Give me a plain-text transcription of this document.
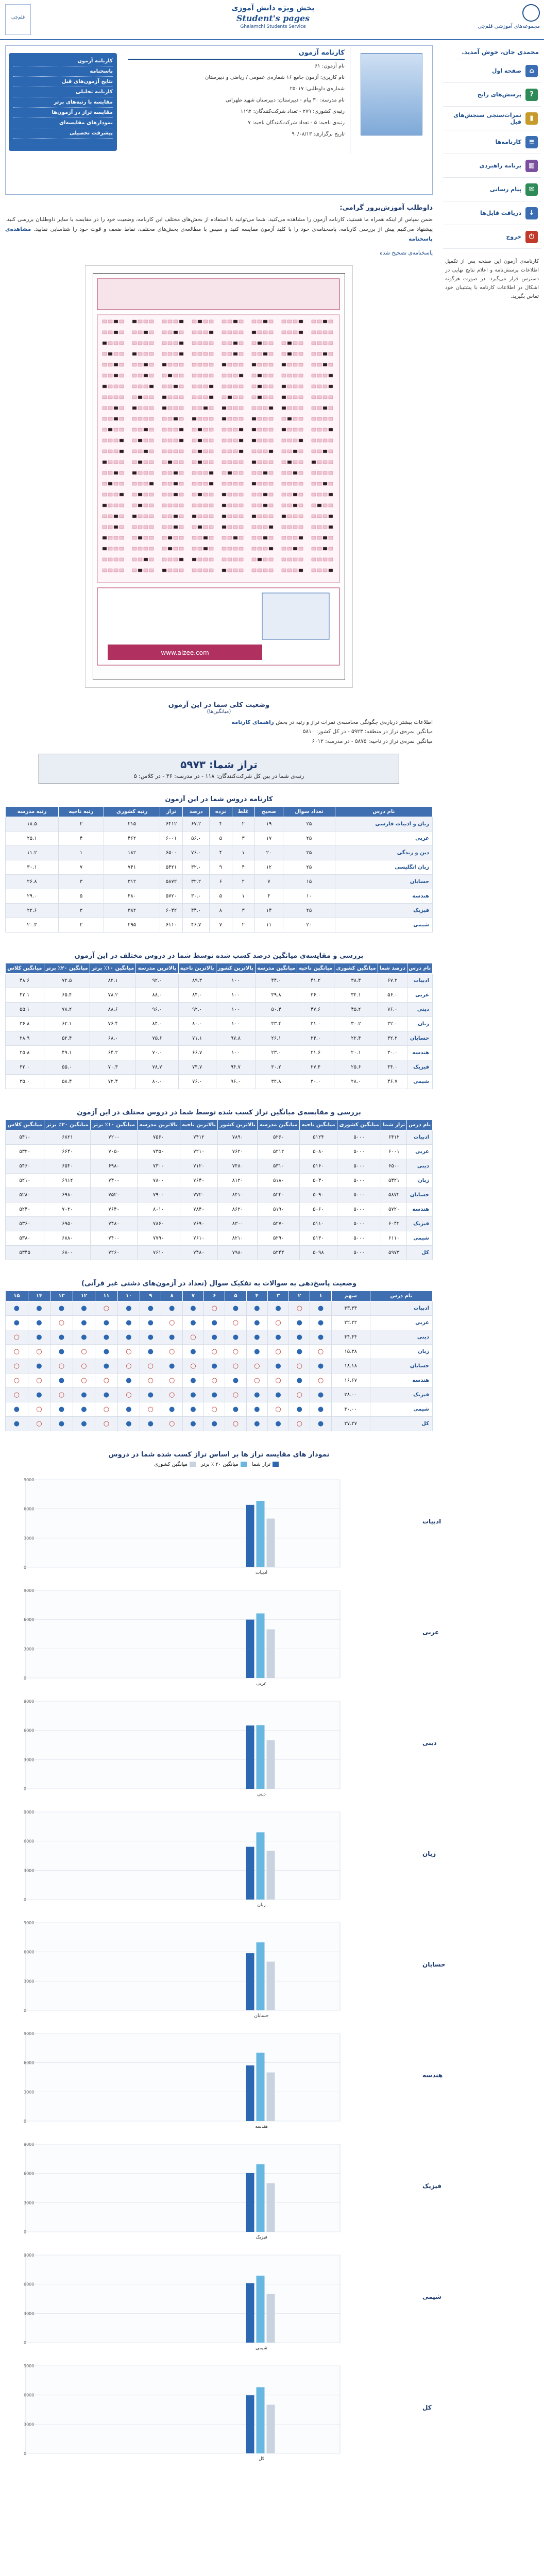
مجموعه‌های آموزشی قلم‌چی
بخش ویژه دانش آموزی
Student's pages
Ghalamchi Students Service
قلم‌چی
محمدی جان، خوش آمدید.
⌂
صفحه اول
?
پرسش‌های رایج
▮
نمرات‌سنجی سنجش‌های قبل
≡
کارنامه‌ها
▦
برنامه راهبردی
✉
پیام رسانی
↓
دریافت فایل‌ها
⏻
خروج
کارنامه‌ی آزمون این صفحه پس از تکمیل اطلاعات پرسش‌نامه و اعلام نتایج نهایی در دسترس قرار می‌گیرد. در صورت هرگونه اشکال در اطلاعات کارنامه با پشتیبان خود تماس بگیرید.
کارنامه آزمون
نام آزمون: ۶۱
نام کاربری: آزمون جامع ۱۶ شماره‌ی عمومی / ریاضی و دبیرستان
شماره‌ی داوطلبی: ۲۵۰۱۷
نام مدرسه: ۳۰ پیام - دبیرستان: دبیرستان شهید طهرانی
رتبه‌ی کشوری: ۲۷۹ - تعداد شرکت‌کنندگان: ۱۱۹۲
رتبه‌ی ناحیه: ۵ - تعداد شرکت‌کنندگان ناحیه: ۷
تاریخ برگزاری: ۹۰/۰۸/۱۳
کارنامه آزمون
پاسخنامه
نتایج آزمون‌های قبل
کارنامه تحلیلی
مقایسه با رتبه‌های برتر
مقایسه تراز در آزمون‌ها
نمودارهای مقایسه‌ای
پیشرفت تحصیلی
داوطلب آموزش‌پرور گرامی:
ضمن سپاس از اینکه همراه ما هستید، کارنامه آزمون را مشاهده می‌کنید. شما می‌توانید با استفاده از بخش‌های مختلف این کارنامه، وضعیت خود را در مقایسه با سایر داوطلبان بررسی کنید. پیشنهاد می‌کنیم پیش از بررسی کارنامه، پاسخنامه‌ی خود را با کلید آزمون مقایسه کنید و سپس با مطالعه‌ی بخش‌های مختلف، نقاط ضعف و قوت خود را شناسایی نمایید. مشاهده‌ی پاسخنامه
پاسخنامه‌ی تصحیح شده
www.alzee.com
وضعیت کلی شما در این آزمون
(میانگین‌ها)
اطلاعات بیشتر درباره‌ی چگونگی محاسبه‌ی نمرات تراز و رتبه در بخش راهنمای کارنامه
میانگین نمره‌ی تراز در منطقه: ۵۹۲۳ - در کل کشور: ۵۸۱۰
میانگین نمره‌ی تراز در ناحیه: ۵۸۷۵ - در مدرسه: ۶۰۱۲
تراز شما: ۵۹۷۳
رتبه‌ی شما در بین کل شرکت‌کنندگان: ۱۱۸ - در مدرسه: ۳۶ - در کلاس: ۵
کارنامه دروس شما در این آزمون
نام درس	تعداد سوال	صحیح	غلط	نزده	درصد	تراز	رتبه کشوری	رتبه ناحیه	رتبه مدرسه
زبان و ادبیات فارسی	۲۵	۱۹	۲	۴	۶۷.۲	۶۴۱۲	۲۱۵	۲	۱۸.۵
عربی	۲۵	۱۷	۳	۵	۵۶.۰	۶۰۰۱	۴۶۲	۴	۲۵.۱
دین و زندگی	۲۵	۲۰	۱	۴	۷۶.۰	۶۵۰۰	۱۸۲	۱	۱۱.۲
زبان انگلیسی	۲۵	۱۲	۴	۹	۳۲.۰	۵۴۲۱	۷۴۱	۷	۳۰.۱
حسابان	۱۵	۷	۲	۶	۳۲.۲	۵۸۷۲	۳۱۲	۳	۲۶.۸
هندسه	۱۰	۴	۱	۵	۳۰.۰	۵۷۲۰	۴۸۰	۵	۲۹.۰
فیزیک	۲۵	۱۴	۳	۸	۴۴.۰	۶۰۴۲	۳۸۲	۳	۲۲.۶
شیمی	۲۰	۱۱	۲	۷	۴۶.۷	۶۱۱۰	۲۹۵	۲	۲۰.۳
بررسی و مقایسه‌ی میانگین درصد کسب شده توسط شما در دروس مختلف در این آزمون
نام درس	درصد شما	میانگین کشوری	میانگین ناحیه	میانگین مدرسه	بالاترین کشور	بالاترین ناحیه	بالاترین مدرسه	میانگین ۱۰٪ برتر	میانگین ۲۰٪ برتر	میانگین کلاس
ادبیات	۶۷.۲	۳۸.۴	۴۱.۲	۴۴.۰	۱۰۰	۸۹.۳	۹۲.۰	۸۲.۱	۷۲.۵	۴۸.۶
عربی	۵۶.۰	۳۴.۱	۳۶.۰	۳۹.۸	۱۰۰	۸۴.۰	۸۸.۰	۷۸.۲	۶۵.۴	۴۲.۱
دینی	۷۶.۰	۴۵.۲	۴۷.۶	۵۰.۴	۱۰۰	۹۲.۰	۹۶.۰	۸۸.۶	۷۸.۲	۵۵.۱
زبان	۳۲.۰	۳۰.۲	۳۱.۰	۳۳.۴	۱۰۰	۸۰.۰	۸۴.۰	۷۶.۴	۶۲.۱	۳۶.۸
حسابان	۳۲.۲	۲۲.۴	۲۴.۰	۲۶.۱	۹۷.۸	۷۱.۱	۷۵.۶	۶۸.۰	۵۲.۴	۲۸.۹
هندسه	۳۰.۰	۲۰.۱	۲۱.۶	۲۳.۰	۱۰۰	۶۶.۷	۷۰.۰	۶۴.۲	۴۹.۱	۲۵.۸
فیزیک	۴۴.۰	۲۵.۶	۲۷.۴	۳۰.۲	۹۴.۷	۷۴.۷	۷۸.۷	۷۰.۳	۵۵.۰	۳۲.۰
شیمی	۴۶.۷	۲۸.۰	۳۰.۰	۳۲.۸	۹۶.۰	۷۶.۰	۸۰.۰	۷۲.۴	۵۸.۴	۳۵.۰
بررسی و مقایسه‌ی میانگین تراز کسب شده توسط شما در دروس مختلف در این آزمون
نام درس	تراز شما	میانگین کشوری	میانگین ناحیه	میانگین مدرسه	بالاترین کشور	بالاترین ناحیه	بالاترین مدرسه	میانگین ۱۰٪ برتر	میانگین ۲۰٪ برتر	میانگین کلاس
ادبیات	۶۴۱۲	۵۰۰۰	۵۱۲۴	۵۲۶۰	۷۸۹۰	۷۴۱۲	۷۵۶۰	۷۲۰۰	۶۸۲۱	۵۴۱۰
عربی	۶۰۰۱	۵۰۰۰	۵۰۸۰	۵۲۱۲	۷۶۲۰	۷۲۱۰	۷۳۵۰	۷۰۵۰	۶۶۴۰	۵۳۲۰
دینی	۶۵۰۰	۵۰۰۰	۵۱۶۰	۵۳۱۰	۷۴۸۰	۷۱۲۰	۷۳۰۰	۶۹۸۰	۶۵۴۰	۵۴۶۰
زبان	۵۴۲۱	۵۰۰۰	۵۰۴۰	۵۱۸۰	۸۱۲۰	۷۶۴۰	۷۸۰۰	۷۴۰۰	۶۹۱۲	۵۲۱۰
حسابان	۵۸۷۲	۵۰۰۰	۵۰۹۰	۵۲۴۰	۸۴۱۰	۷۷۲۰	۷۹۰۰	۷۵۲۰	۶۹۸۰	۵۲۸۰
هندسه	۵۷۲۰	۵۰۰۰	۵۰۶۰	۵۱۹۰	۸۶۲۰	۷۸۴۰	۸۰۱۰	۷۶۴۰	۷۰۲۰	۵۲۴۰
فیزیک	۶۰۴۲	۵۰۰۰	۵۱۱۰	۵۲۷۰	۸۳۰۰	۷۶۹۰	۷۸۶۰	۷۴۸۰	۶۹۵۰	۵۳۶۰
شیمی	۶۱۱۰	۵۰۰۰	۵۱۳۰	۵۲۹۰	۸۲۱۰	۷۶۱۰	۷۷۹۰	۷۴۰۰	۶۸۸۰	۵۳۸۰
کل	۵۹۷۳	۵۰۰۰	۵۰۹۸	۵۲۴۴	۷۹۸۰	۷۴۸۰	۷۶۱۰	۷۲۶۰	۶۸۰۰	۵۳۴۵
وضعیت پاسخ‌دهی به سوالات به تفکیک سوال (تعداد در آزمون‌های دشتی غیر قرآنی)
نام درس	سهم	۱	۲	۳	۴	۵	۶	۷	۸	۹	۱۰	۱۱	۱۲	۱۳	۱۴	۱۵
ادبیات	۳۳.۳۳	●	○	●	●	●	○	●	●	●	●	○	●	●	●	●
عربی	۲۲.۲۲	●	●	○	●	○	●	●	○	●	●	●	●	○	●	●
دینی	۴۴.۴۴	●	●	●	●	●	●	○	●	●	●	●	●	●	●	○
زبان	۱۵.۳۸	○	●	○	●	○	○	●	○	●	○	●	○	●	○	○
حسابان	۱۸.۱۸	●	○	●	○	○	●	○	●	○	○	●	○	○	●	○
هندسه	۱۶.۶۷	○	●	○	○	●	○	●	○	○	●	○	○	●	○	○
فیزیک	۲۸.۰۰	●	○	●	●	○	●	●	○	●	○	●	●	○	●	○
شیمی	۳۰.۰۰	●	●	○	●	●	○	●	●	○	●	○	●	●	○	●
کل	۲۷.۲۷	●	○	●	●	○	●	●	○	●	●	○	●	●	○	●
نمودار های مقایسه تراز ها بر اساس تراز کسب شده شما در دروس
تراز شمامیانگین ۲۰ ٪ برترمیانگین کشوری
0
3000
6000
9000
ادبیات
ادبیات
0
3000
6000
9000
عربی
عربی
0
3000
6000
9000
دینی
دینی
0
3000
6000
9000
زبان
زبان
0
3000
6000
9000
حسابان
حسابان
0
3000
6000
9000
هندسه
هندسه
0
3000
6000
9000
فیزیک
فیزیک
0
3000
6000
9000
شیمی
شیمی
0
3000
6000
9000
کل
کل
